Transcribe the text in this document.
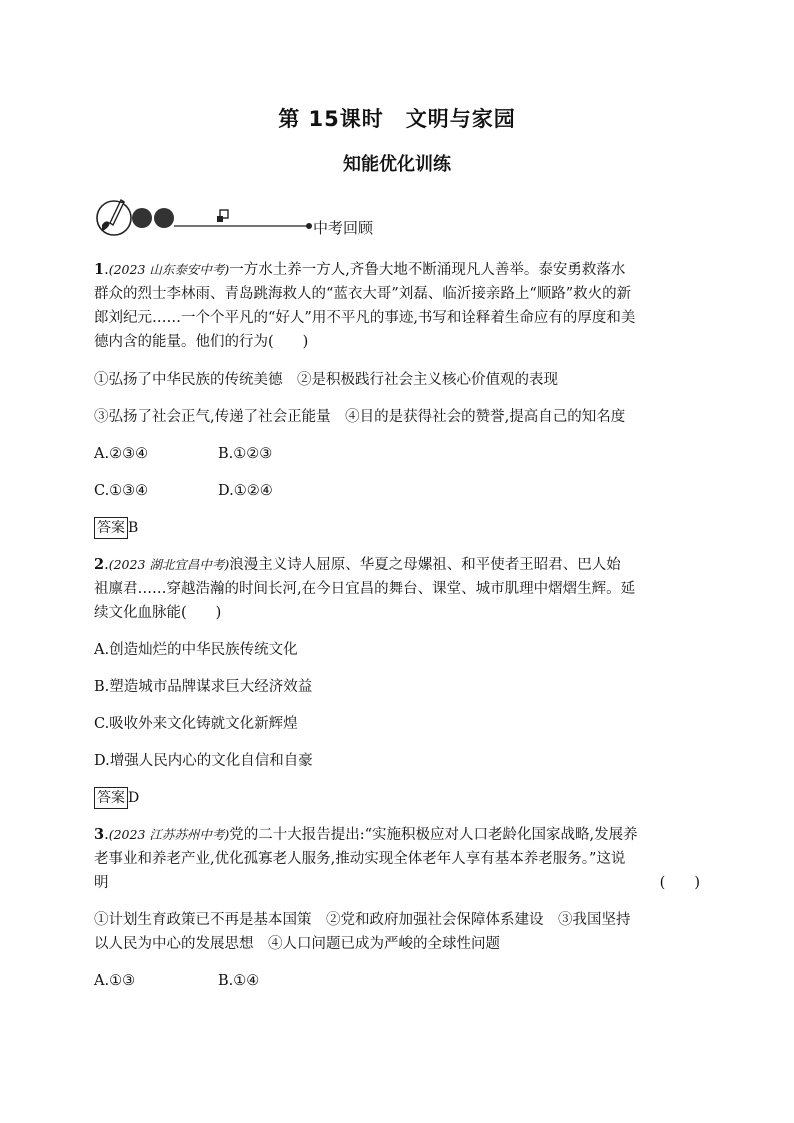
第 15课时 文明与家园
知能优化训练
中考回顾

1.(2023 山东泰安中考)一方水土养一方人,齐鲁大地不断涌现凡人善举。泰安勇救落水

群众的烈士李林雨、青岛跳海救人的“蓝衣大哥”刘磊、临沂接亲路上“顺路”救火的新

郎刘纪元……一个个平凡的“好人”用不平凡的事迹,书写和诠释着生命应有的厚度和美

德内含的能量。他们的行为(　　)

①弘扬了中华民族的传统美德　②是积极践行社会主义核心价值观的表现

③弘扬了社会正气,传递了社会正能量　④目的是获得社会的赞誉,提高自己的知名度

A.②③④	B.①②③
C.①③④	D.①②④
答案 B

2.(2023 湖北宜昌中考)浪漫主义诗人屈原、华夏之母嫘祖、和平使者王昭君、巴人始

祖廪君……穿越浩瀚的时间长河,在今日宜昌的舞台、课堂、城市肌理中熠熠生辉。延

续文化血脉能(　　)

A.创造灿烂的中华民族传统文化

B.塑造城市品牌谋求巨大经济效益

C.吸收外来文化铸就文化新辉煌

D.增强人民内心的文化自信和自豪

答案 D

3.(2023 江苏苏州中考)党的二十大报告提出:“实施积极应对人口老龄化国家战略,发展养

老事业和养老产业,优化孤寡老人服务,推动实现全体老年人享有基本养老服务。”这说

明	(　　)

①计划生育政策已不再是基本国策　②党和政府加强社会保障体系建设　③我国坚持

以人民为中心的发展思想　④人口问题已成为严峻的全球性问题

A.①③	B.①④
